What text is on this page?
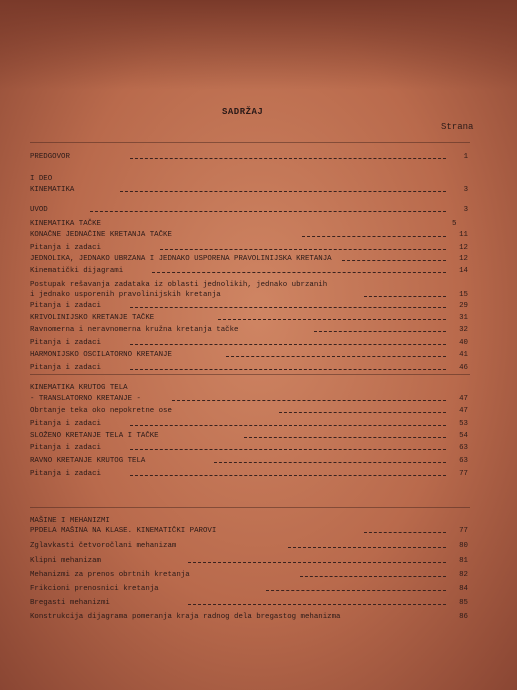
SADRŽAJ
Strana
PREDGOVOR	1
I DEO
KINEMATIKA	3
UVOD	3
KINEMATIKA TAČKE	5
KONAČNE JEDNAČINE KRETANJA TAČKE	11
Pitanja i zadaci	12
JEDNOLIKA, JEDNAKO UBRZANA I JEDNAKO USPORENA PRAVOLINIJSKA KRETANJA	12
Kinematički dijagrami	14
Postupak rešavanja zadataka iz oblasti jednolikih, jednako ubrzanih
i jednako usporenih pravolinijskih kretanja	15
Pitanja i zadaci	29
KRIVOLINIJSKO KRETANJE TAČKE	31
Ravnomerna i neravnomerna kružna kretanja tačke	32
Pitanja i zadaci	40
HARMONIJSKO OSCILATORNO KRETANJE	41
Pitanja i zadaci	46
KINEMATIKA KRUTOG TELA
- TRANSLATORNO KRETANJE -	47
Obrtanje teka oko nepokretne ose	47
Pitanja i zadaci	53
SLOŽENO KRETANJE TELA I TAČKE	54
Pitanja i zadaci	63
RAVNO KRETANJE KRUTOG TELA	63
Pitanja i zadaci	77
MAŠINE I MEHANIZMI
PPDELA MAŠINA NA KLASE. KINEMATIČKI PAROVI	77
Zglavkasti četvoročlani mehanizam	80
Klipni mehanizam	81
Mehanizmi za prenos obrtnih kretanja	82
Frikcioni prenosnici kretanja	84
Bregasti mehanizmi	85
Konstrukcija dijagrama pomeranja kraja radnog dela bregastog mehanizma	86
